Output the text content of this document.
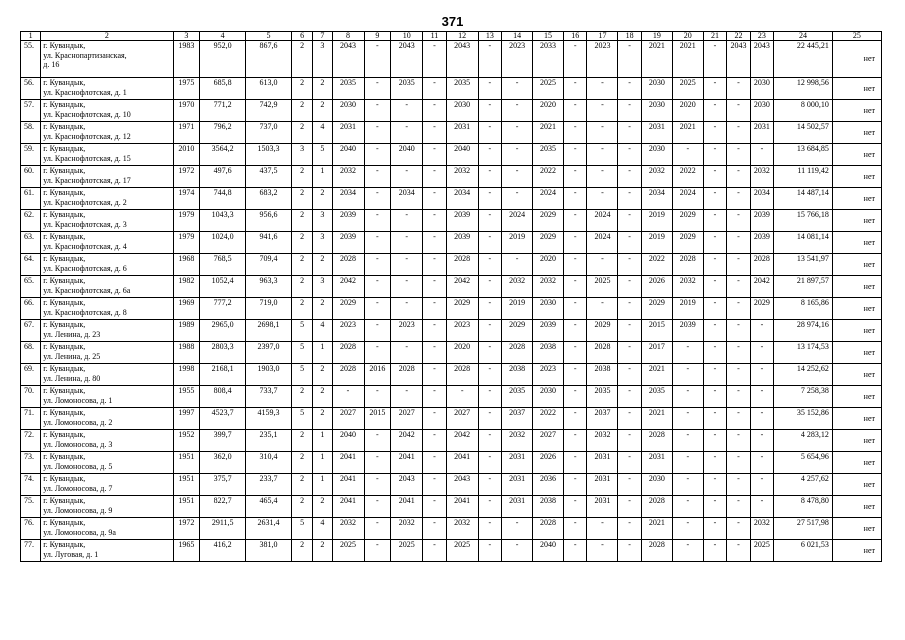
371
1	2	3	4	5	6	7	8	9	10	11	12	13	14	15	16	17	18	19	20	21	22	23	24	25
55.	г. Кувандык,
ул. Краснопартизанская,
д. 16	1983	952,0	867,6	2	3	2043	-	2043	-	2043	-	2023	2033	-	2023	-	2021	2021	-	2043	2043	22 445,21	нет
56.	г. Кувандык,
ул. Краснофлотская, д. 1	1975	685,8	613,0	2	2	2035	-	2035	-	2035	-	-	2025	-	-	-	2030	2025	-	-	2030	12 998,56	нет
57.	г. Кувандык,
ул. Краснофлотская, д. 10	1970	771,2	742,9	2	2	2030	-	-	-	2030	-	-	2020	-	-	-	2030	2020	-	-	2030	8 000,10	нет
58.	г. Кувандык,
ул. Краснофлотская, д. 12	1971	796,2	737,0	2	4	2031	-	-	-	2031	-	-	2021	-	-	-	2031	2021	-	-	2031	14 502,57	нет
59.	г. Кувандык,
ул. Краснофлотская, д. 15	2010	3564,2	1503,3	3	5	2040	-	2040	-	2040	-	-	2035	-	-	-	2030	-	-	-	-	13 684,85	нет
60.	г. Кувандык,
ул. Краснофлотская, д. 17	1972	497,6	437,5	2	1	2032	-	-	-	2032	-	-	2022	-	-	-	2032	2022	-	-	2032	11 119,42	нет
61.	г. Кувандык,
ул. Краснофлотская, д. 2	1974	744,8	683,2	2	2	2034	-	2034	-	2034	-	-	2024	-	-	-	2034	2024	-	-	2034	14 487,14	нет
62.	г. Кувандык,
ул. Краснофлотская, д. 3	1979	1043,3	956,6	2	3	2039	-	-	-	2039	-	2024	2029	-	2024	-	2019	2029	-	-	2039	15 766,18	нет
63.	г. Кувандык,
ул. Краснофлотская, д. 4	1979	1024,0	941,6	2	3	2039	-	-	-	2039	-	2019	2029	-	2024	-	2019	2029	-	-	2039	14 081,14	нет
64.	г. Кувандык,
ул. Краснофлотская, д. 6	1968	768,5	709,4	2	2	2028	-	-	-	2028	-	-	2020	-	-	-	2022	2028	-	-	2028	13 541,97	нет
65.	г. Кувандык,
ул. Краснофлотская, д. 6а	1982	1052,4	963,3	2	3	2042	-	-	-	2042	-	2032	2032	-	2025	-	2026	2032	-	-	2042	21 897,57	нет
66.	г. Кувандык,
ул. Краснофлотская, д. 8	1969	777,2	719,0	2	2	2029	-	-	-	2029	-	2019	2030	-	-	-	2029	2019	-	-	2029	8 165,86	нет
67.	г. Кувандык,
ул. Ленина, д. 23	1989	2965,0	2698,1	5	4	2023	-	2023	-	2023	-	2029	2039	-	2029	-	2015	2039	-	-	-	28 974,16	нет
68.	г. Кувандык,
ул. Ленина, д. 25	1988	2803,3	2397,0	5	1	2028	-	-	-	2020	-	2028	2038	-	2028	-	2017	-	-	-	-	13 174,53	нет
69.	г. Кувандык,
ул. Ленина, д. 80	1998	2168,1	1903,0	5	2	2028	2016	2028	-	2028	-	2038	2023	-	2038	-	2021	-	-	-	-	14 252,62	нет
70.	г. Кувандык,
ул. Ломоносова, д. 1	1955	808,4	733,7	2	2	-	-	-	-	-	-	2035	2030	-	2035	-	2035	-	-	-	-	7 258,38	нет
71.	г. Кувандык,
ул. Ломоносова, д. 2	1997	4523,7	4159,3	5	2	2027	2015	2027	-	2027	-	2037	2022	-	2037	-	2021	-	-	-	-	35 152,86	нет
72.	г. Кувандык,
ул. Ломоносова, д. 3	1952	399,7	235,1	2	1	2040	-	2042	-	2042	-	2032	2027	-	2032	-	2028	-	-	-	-	4 283,12	нет
73.	г. Кувандык,
ул. Ломоносова, д. 5	1951	362,0	310,4	2	1	2041	-	2041	-	2041	-	2031	2026	-	2031	-	2031	-	-	-	-	5 654,96	нет
74.	г. Кувандык,
ул. Ломоносова, д. 7	1951	375,7	233,7	2	1	2041	-	2043	-	2043	-	2031	2036	-	2031	-	2030	-	-	-	-	4 257,62	нет
75.	г. Кувандык,
ул. Ломоносова, д. 9	1951	822,7	465,4	2	2	2041	-	2041	-	2041	-	2031	2038	-	2031	-	2028	-	-	-	-	8 478,80	нет
76.	г. Кувандык,
ул. Ломоносова, д. 9а	1972	2911,5	2631,4	5	4	2032	-	2032	-	2032	-	-	2028	-	-	-	2021	-	-	-	2032	27 517,98	нет
77.	г. Кувандык,
ул. Луговая, д. 1	1965	416,2	381,0	2	2	2025	-	2025	-	2025	-	-	2040	-	-	-	2028	-	-	-	2025	6 021,53	нет
